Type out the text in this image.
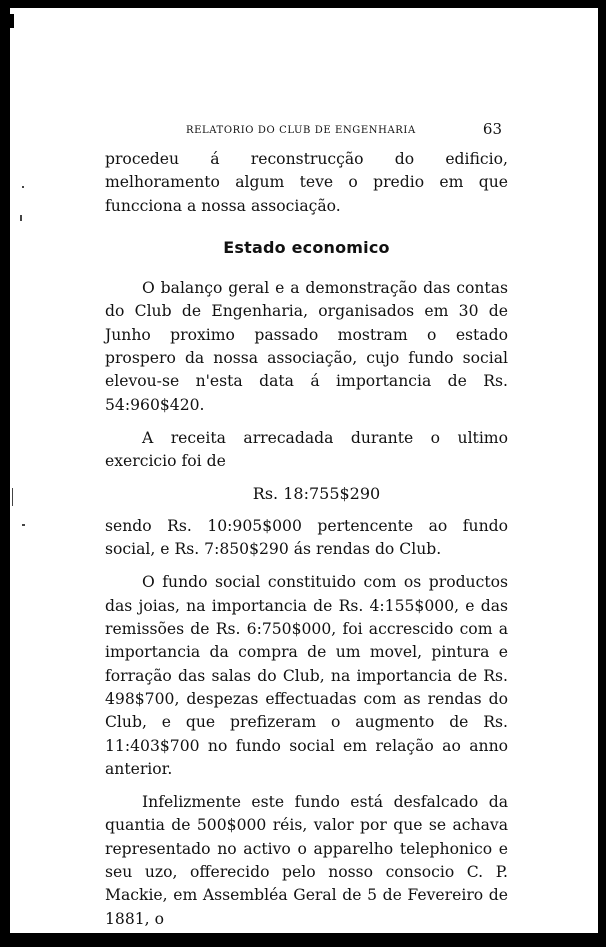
RELATORIO DO CLUB DE ENGENHARIA	63

procedeu á reconstrucção do edificio, melhoramento algum teve o predio em que funcciona a nossa associação.

Estado economico

O balanço geral e a demonstração das contas do Club de Engenharia, organisados em 30 de Junho proximo passado mostram o estado prospero da nossa associação, cujo fundo social elevou-se n'esta data á importancia de Rs. 54:960$420.

A receita arrecadada durante o ultimo exercicio foi de

Rs. 18:755$290

sendo Rs. 10:905$000 pertencente ao fundo social, e Rs. 7:850$290 ás rendas do Club.

O fundo social constituido com os productos das joias, na importancia de Rs. 4:155$000, e das remissões de Rs. 6:750$000, foi accrescido com a importancia da compra de um movel, pintura e forração das salas do Club, na importancia de Rs. 498$700, despezas effectuadas com as rendas do Club, e que prefizeram o augmento de Rs. 11:403$700 no fundo social em relação ao anno anterior.

Infelizmente este fundo está desfalcado da quantia de 500$000 réis, valor por que se achava representado no activo o apparelho telephonico e seu uzo, offerecido pelo nosso consocio C. P. Mackie, em Assembléa Geral de 5 de Fevereiro de 1881, o
